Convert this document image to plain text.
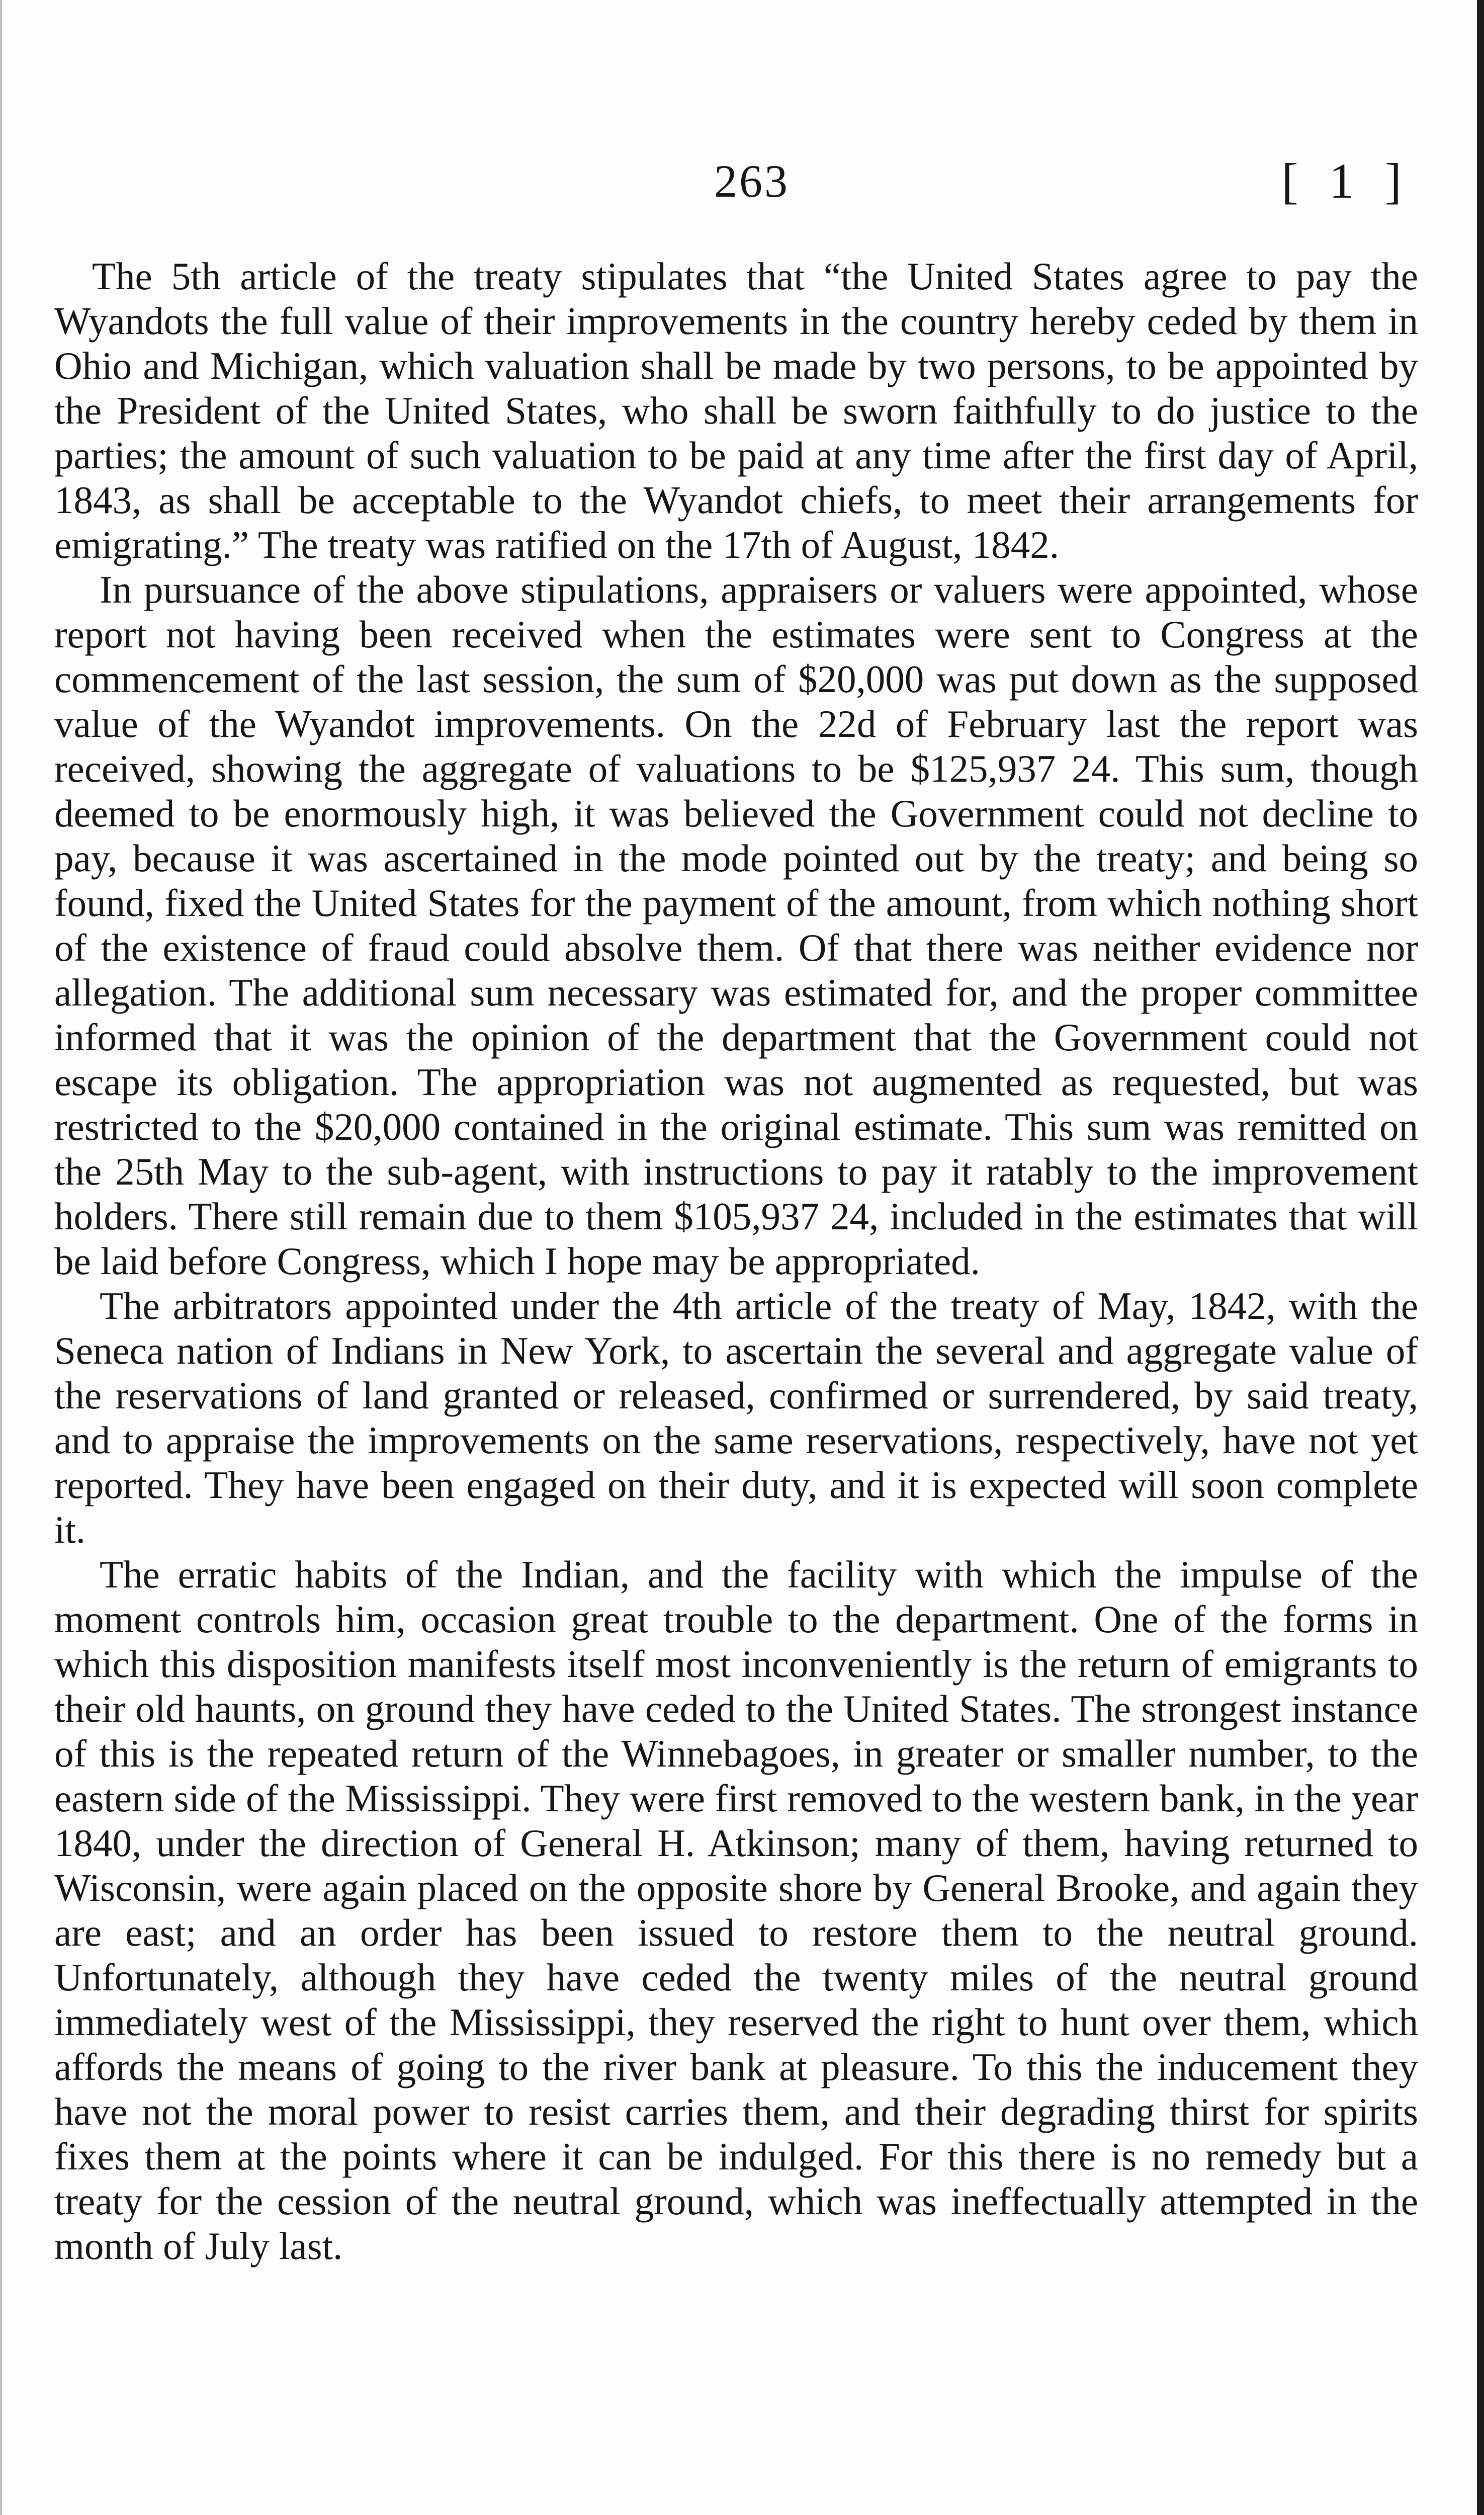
263	[ 1 ]

The 5th article of the treaty stipulates that “the United States agree to pay the Wyandots the full value of their improvements in the country hereby ceded by them in Ohio and Michigan, which valuation shall be made by two persons, to be appointed by the President of the United States, who shall be sworn faithfully to do justice to the parties; the amount of such valuation to be paid at any time after the first day of April, 1843, as shall be acceptable to the Wyandot chiefs, to meet their arrangements for emigrating.” The treaty was ratified on the 17th of August, 1842.

In pursuance of the above stipulations, appraisers or valuers were appointed, whose report not having been received when the estimates were sent to Congress at the commencement of the last session, the sum of $20,000 was put down as the supposed value of the Wyandot improvements. On the 22d of February last the report was received, showing the aggregate of valuations to be $125,937 24. This sum, though deemed to be enormously high, it was believed the Government could not decline to pay, because it was ascertained in the mode pointed out by the treaty; and being so found, fixed the United States for the payment of the amount, from which nothing short of the existence of fraud could absolve them. Of that there was neither evidence nor allegation. The additional sum necessary was estimated for, and the proper committee informed that it was the opinion of the department that the Government could not escape its obligation. The appropriation was not augmented as requested, but was restricted to the $20,000 contained in the original estimate. This sum was remitted on the 25th May to the sub-agent, with instructions to pay it ratably to the improvement holders. There still remain due to them $105,937 24, included in the estimates that will be laid before Congress, which I hope may be appropriated.

The arbitrators appointed under the 4th article of the treaty of May, 1842, with the Seneca nation of Indians in New York, to ascertain the several and aggregate value of the reservations of land granted or released, confirmed or surrendered, by said treaty, and to appraise the improvements on the same reservations, respectively, have not yet reported. They have been engaged on their duty, and it is expected will soon complete it.

The erratic habits of the Indian, and the facility with which the impulse of the moment controls him, occasion great trouble to the department. One of the forms in which this disposition manifests itself most inconveniently is the return of emigrants to their old haunts, on ground they have ceded to the United States. The strongest instance of this is the repeated return of the Winnebagoes, in greater or smaller number, to the eastern side of the Mississippi. They were first removed to the western bank, in the year 1840, under the direction of General H. Atkinson; many of them, having returned to Wisconsin, were again placed on the opposite shore by General Brooke, and again they are east; and an order has been issued to restore them to the neutral ground. Unfortunately, although they have ceded the twenty miles of the neutral ground immediately west of the Mississippi, they reserved the right to hunt over them, which affords the means of going to the river bank at pleasure. To this the inducement they have not the moral power to resist carries them, and their degrading thirst for spirits fixes them at the points where it can be indulged. For this there is no remedy but a treaty for the cession of the neutral ground, which was ineffectually attempted in the month of July last.
